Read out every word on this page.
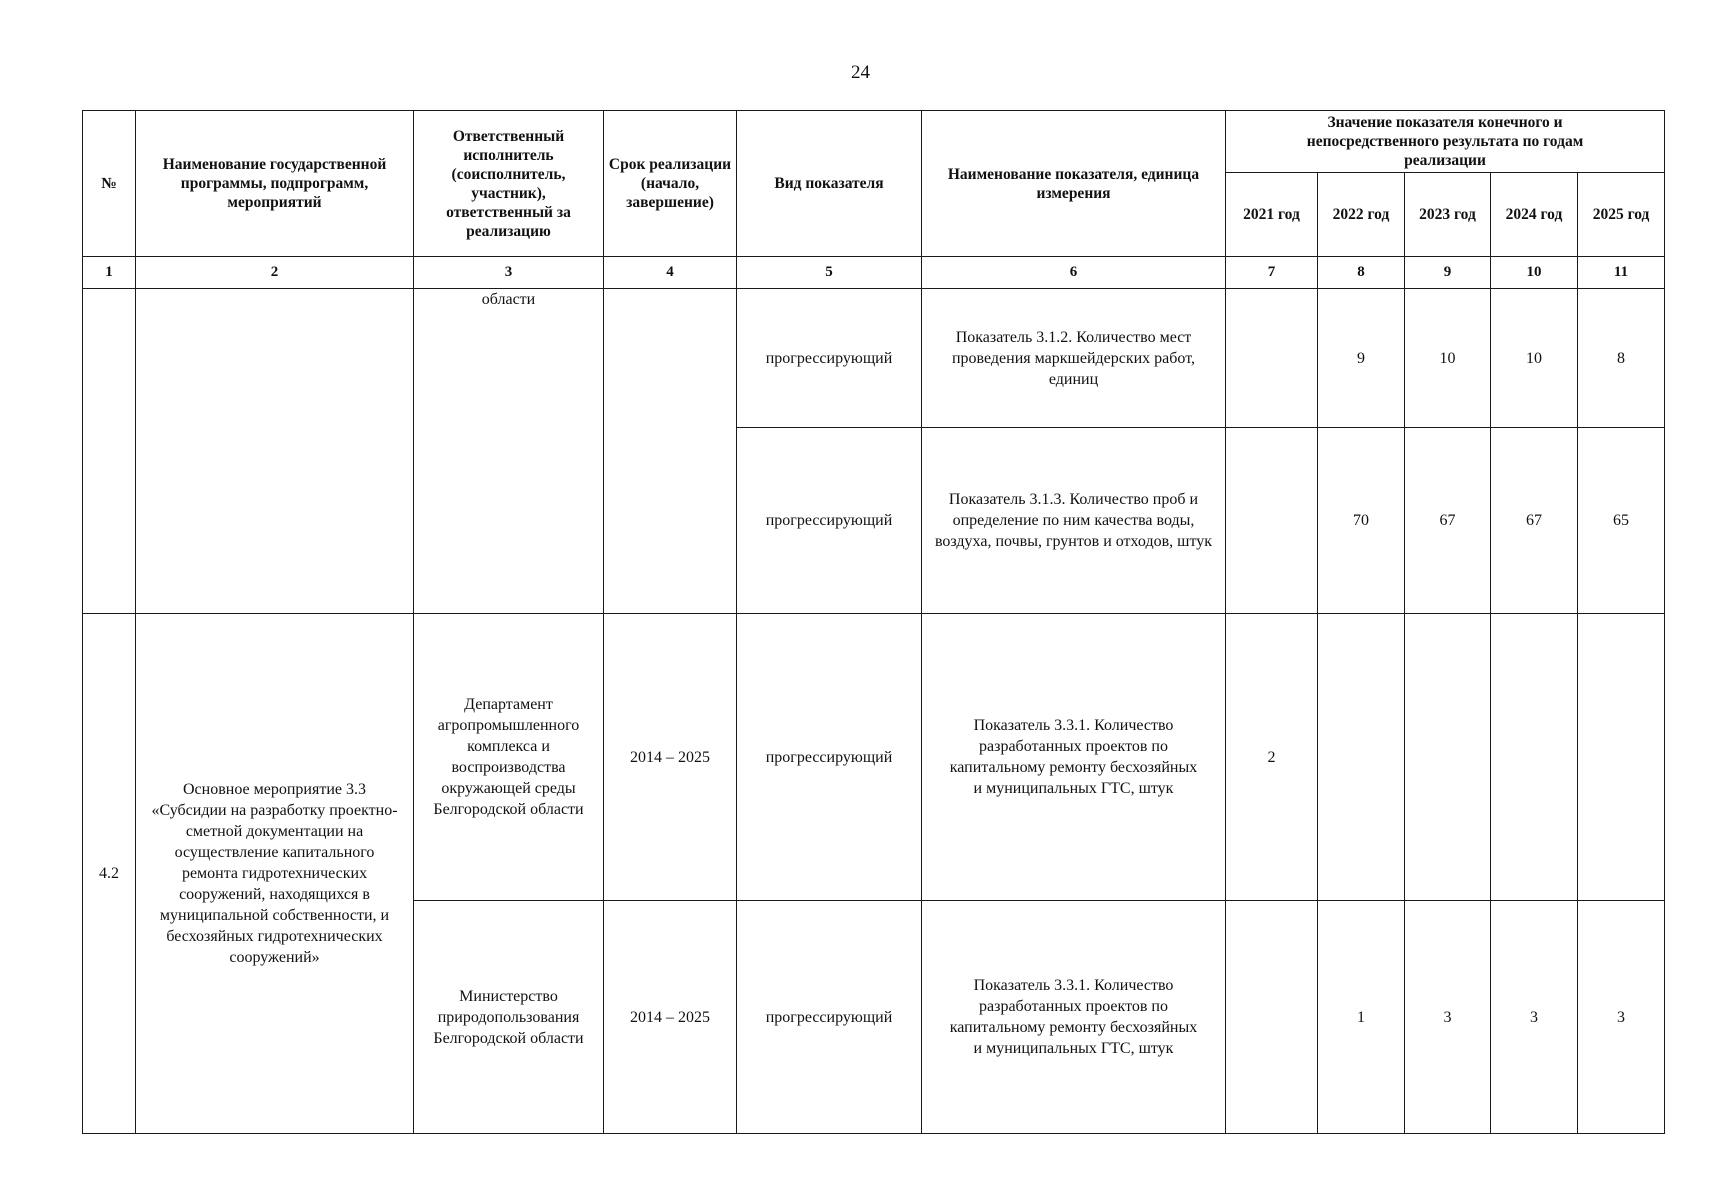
24
№	Наименование государственной программы, подпрограмм, мероприятий	Ответственный исполнитель (соисполнитель, участник), ответственный за реализацию	Срок реализации (начало, завершение)	Вид показателя	Наименование показателя, единица измерения	Значение показателя конечного и непосредственного результата по годам реализации				
						2021 год	2022 год	2023 год	2024 год	2025 год
1	2	3	4	5	6	7	8	9	10	11
		области		прогрессирующий	Показатель 3.1.2. Количество мест проведения маркшейдерских работ, единиц		9	10	10	8
				прогрессирующий	Показатель 3.1.3. Количество проб и определение по ним качества воды, воздуха, почвы, грунтов и отходов, штук		70	67	67	65
4.2	Основное мероприятие 3.3 «Субсидии на разработку проектно-сметной документации на осуществление капитального ремонта гидротехнических сооружений, находящихся в муниципальной собственности, и бесхозяйных гидротехнических сооружений»	Департамент агропромышленного комплекса и воспроизводства окружающей среды Белгородской области	2014 – 2025	прогрессирующий	Показатель 3.3.1. Количество разработанных проектов по капитальному ремонту бесхозяйных и муниципальных ГТС, штук	2				
		Министерство природопользования Белгородской области	2014 – 2025	прогрессирующий	Показатель 3.3.1. Количество разработанных проектов по капитальному ремонту бесхозяйных и муниципальных ГТС, штук		1	3	3	3
